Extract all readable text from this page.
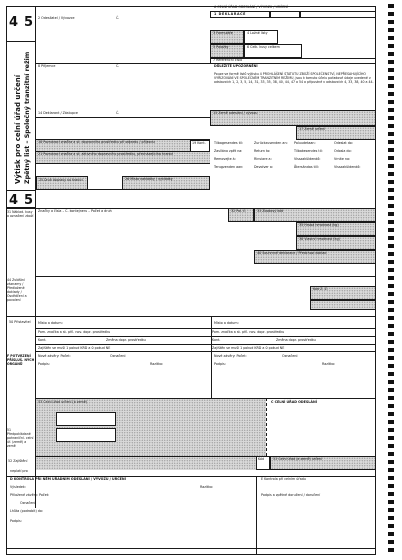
4 5
Výtisk pro celní úřad určení Zpětný list – Společný tranzitní režim
4 5
A CELNÍ ÚŘAD ODESLÁNÍ / VÝVOZU / URČENÍ
1 DEKLARACE
2 Odesílatel / Vývozce	Č.
3 Formuláře	4 Ložné listy
5 Položky	6 Celk. kusy celkem
7 Referenční číslo
8 Příjemce	Č.	DŮLEŽITÉ UPOZORNĚNÍ
Pouze ve formě listů výtisku 4 PROHLÁŠENÍ STATUTU ZBOŽÍ SPOLEČENSTVÍ, NEPŘESAHUJÍCÍHO VYŘIZOVÁNÍ VE SPOLEČNÉM TRANZITNÍM REŽIMU, jsou k tomuto účelu pořadové údaje uvedené v odstavcích 1, 2, 3, 5, 14, 31, 33, 35, 38, 40, 44, 47 a 54 a přípustné v odstavcích 4, 33, 38, 40 a 44.
14 Deklarant / Zástupce	Č.	15 Země odeslání / vývozu
17 Země určení
18 Poznávací značka a st. dopravního prostředku při odjezdu / příjezdu	19 Kont.
21 Poznávací značka a st. aktivního dopravního prostředku, přecházejícího hranici
25 Druh dopravy na hranici	26 Místo nakládky / vykládky
Tilbagesendes til:	Zurückzusenden an: Paluudetaan:	Odeslat do:
Zasíláno zpět na:	Return to:	Tilbakesendes til:	Odosla do:
Removejte à:	Rinviare a:	Visszaküldendő:	Vrnite na:
Terugzenden aan:	Devolver a:	Återsändas till:	Visszaküldendő:
31 Náklad. kusy a označení zboží
44 Zvláštní záznamy / Předložené doklady / Osvědčení a povolení
Značky a čísla – Č. kontejneru – Počet a druh	32 Pol. č.	33 Zbožový kód
35 Hrubá hmotnost (kg)
38 Vlastní hmotnost (kg)
40 Souhrnné deklarace / Předchozí doklad
Kód Z. Z.
50 Přistavitel Místo a datum:	Místo a datum:
Pom. značka a st. příl. nov. dopr. prostředku	Pom. značka a st. příl. nov. dopr. prostředku
Kont.	Změna dopr. prostředku	Kont.	Změna dopr. prostředku
Zajištěn se muší 1 pokud KRD a 0 pokud NE	Zajištěn se muší 1 pokud KRD a 0 pokud NE
F POTVRZENÍ PŘÍSLUŠ. NÝCH ORGÁNŮ
Nové závěry: Počet:	Označení:
Podpis:	Razítko:
Nové závěry: Počet:	Označení:
Podpis:	Razítko:
53 Celní úřad určení (a země)	C CELNÍ ÚŘAD ODESLÁNÍ
51 Předpokládané pohraniční. celní úř. (země) a země
52 Zajištění	Kód	53 Celní úřad (a země) určení
neplatí pro
D KONTROLA PŘI NĚM ÚŘADNÍM ODESLÁNÍ / VÝVOZU / URČENÍ
Výsledek:
Přiložené závěry: Počet:
Označení:
Lhůta (podrobit) do:
Podpis:
Razítko:
E Kontrola při celním úřadu
Podpis a zpětné doručení / doručení
